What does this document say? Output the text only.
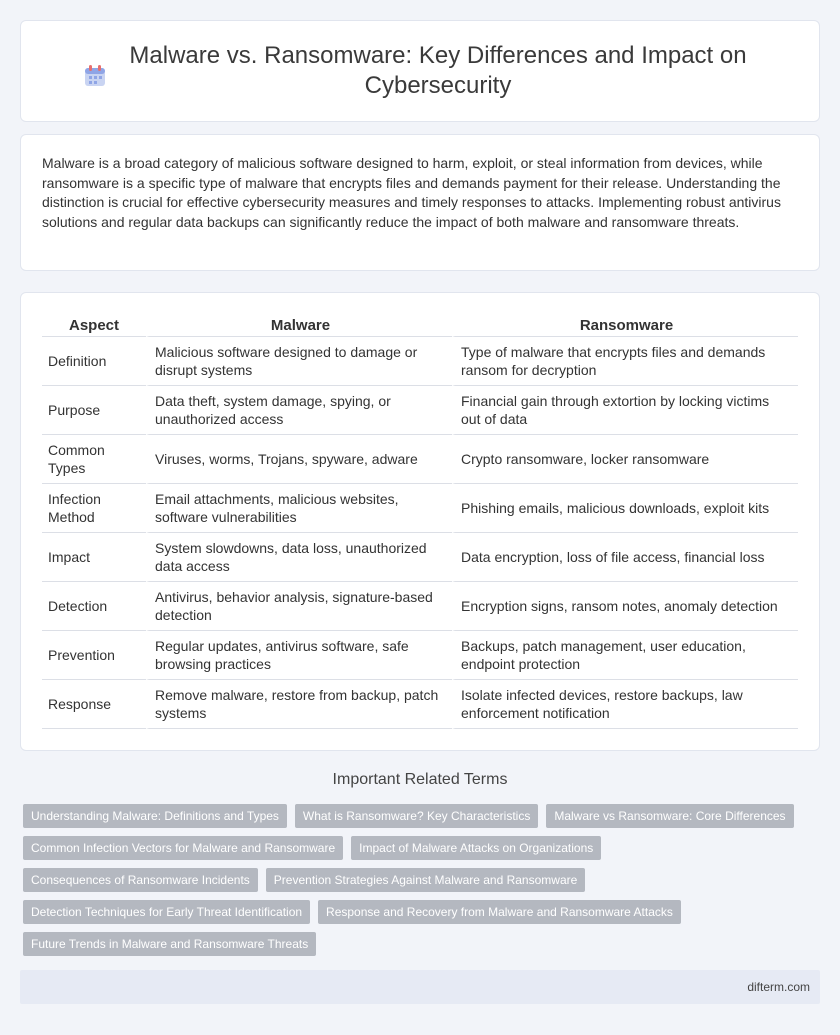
Malware vs. Ransomware: Key Differences and Impact on Cybersecurity

Malware is a broad category of malicious software designed to harm, exploit, or steal information from devices, while ransomware is a specific type of malware that encrypts files and demands payment for their release. Understanding the distinction is crucial for effective cybersecurity measures and timely responses to attacks. Implementing robust antivirus solutions and regular data backups can significantly reduce the impact of both malware and ransomware threats.

Aspect	Malware	Ransomware
Definition	Malicious software designed to damage or disrupt systems	Type of malware that encrypts files and demands ransom for decryption
Purpose	Data theft, system damage, spying, or unauthorized access	Financial gain through extortion by locking victims out of data
Common Types	Viruses, worms, Trojans, spyware, adware	Crypto ransomware, locker ransomware
Infection Method	Email attachments, malicious websites, software vulnerabilities	Phishing emails, malicious downloads, exploit kits
Impact	System slowdowns, data loss, unauthorized data access	Data encryption, loss of file access, financial loss
Detection	Antivirus, behavior analysis, signature-based detection	Encryption signs, ransom notes, anomaly detection
Prevention	Regular updates, antivirus software, safe browsing practices	Backups, patch management, user education, endpoint protection
Response	Remove malware, restore from backup, patch systems	Isolate infected devices, restore backups, law enforcement notification
Important Related Terms
Understanding Malware: Definitions and Types	What is Ransomware? Key Characteristics	Malware vs Ransomware: Core Differences
Common Infection Vectors for Malware and Ransomware	Impact of Malware Attacks on Organizations
Consequences of Ransomware Incidents	Prevention Strategies Against Malware and Ransomware
Detection Techniques for Early Threat Identification	Response and Recovery from Malware and Ransomware Attacks
Future Trends in Malware and Ransomware Threats
difterm.com
